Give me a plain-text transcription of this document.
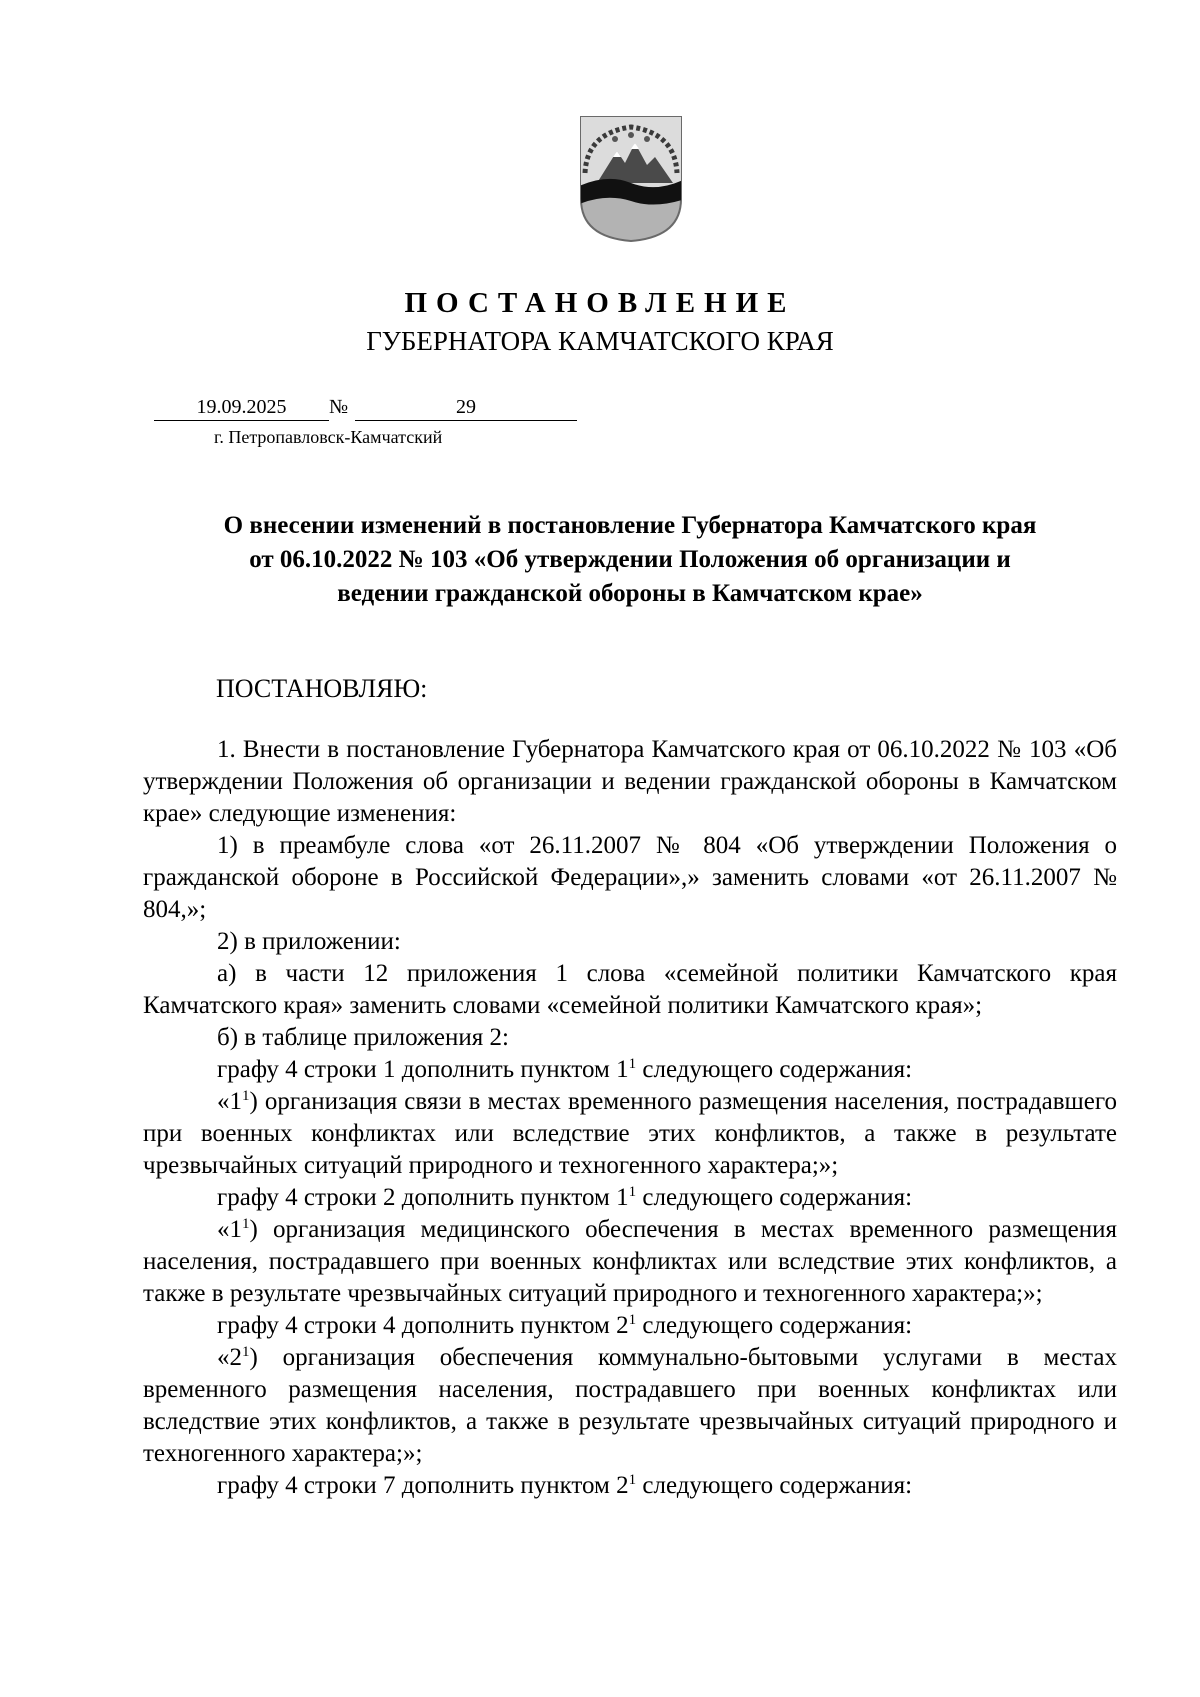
ПОСТАНОВЛЕНИЕ
ГУБЕРНАТОРА КАМЧАТСКОГО КРАЯ
19.09.2025	№	29
г. Петропавловск-Камчатский
О внесении изменений в постановление Губернатора Камчатского края
от 06.10.2022 № 103 «Об утверждении Положения об организации и
ведении гражданской обороны в Камчатском крае»
ПОСТАНОВЛЯЮ:

1. Внести в постановление Губернатора Камчатского края от 06.10.2022 № 103 «Об утверждении Положения об организации и ведении гражданской обороны в Камчатском крае» следующие изменения:

1) в преамбуле слова «от 26.11.2007 № 804 «Об утверждении Положения о гражданской обороне в Российской Федерации»,» заменить словами «от 26.11.2007 № 804,»;

2) в приложении:

а) в части 12 приложения 1 слова «семейной политики Камчатского края Камчатского края» заменить словами «семейной политики Камчатского края»;

б) в таблице приложения 2:

графу 4 строки 1 дополнить пунктом $1^1$ следующего содержания:

«$1^1$) организация связи в местах временного размещения населения, пострадавшего при военных конфликтах или вследствие этих конфликтов, а также в результате чрезвычайных ситуаций природного и техногенного характера;»;

графу 4 строки 2 дополнить пунктом $1^1$ следующего содержания:

«$1^1$) организация медицинского обеспечения в местах временного размещения населения, пострадавшего при военных конфликтах или вследствие этих конфликтов, а также в результате чрезвычайных ситуаций природного и техногенного характера;»;

графу 4 строки 4 дополнить пунктом $2^1$ следующего содержания:

«$2^1$) организация обеспечения коммунально-бытовыми услугами в местах временного размещения населения, пострадавшего при военных конфликтах или вследствие этих конфликтов, а также в результате чрезвычайных ситуаций природного и техногенного характера;»;

графу 4 строки 7 дополнить пунктом $2^1$ следующего содержания:
